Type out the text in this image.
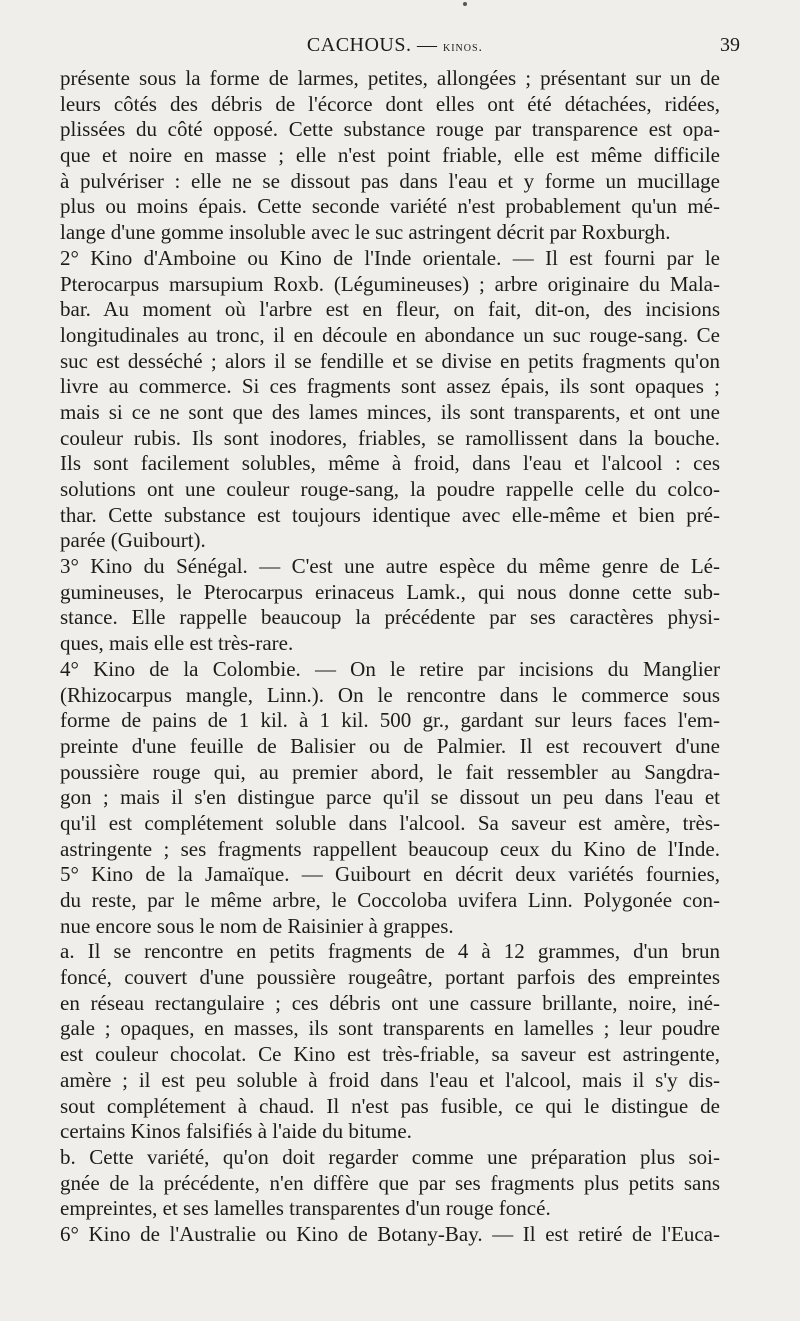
CACHOUS. — kinos.	39
présente sous la forme de larmes, petites, allongées ; présentant sur un de
leurs côtés des débris de l'écorce dont elles ont été détachées, ridées,
plissées du côté opposé. Cette substance rouge par transparence est opa-
que et noire en masse ; elle n'est point friable, elle est même difficile
à pulvériser : elle ne se dissout pas dans l'eau et y forme un mucillage
plus ou moins épais. Cette seconde variété n'est probablement qu'un mé-
lange d'une gomme insoluble avec le suc astringent décrit par Roxburgh.
2° Kino d'Amboine ou Kino de l'Inde orientale. — Il est fourni par le
Pterocarpus marsupium Roxb. (Légumineuses) ; arbre originaire du Mala-
bar. Au moment où l'arbre est en fleur, on fait, dit-on, des incisions
longitudinales au tronc, il en découle en abondance un suc rouge-sang. Ce
suc est desséché ; alors il se fendille et se divise en petits fragments qu'on
livre au commerce. Si ces fragments sont assez épais, ils sont opaques ;
mais si ce ne sont que des lames minces, ils sont transparents, et ont une
couleur rubis. Ils sont inodores, friables, se ramollissent dans la bouche.
Ils sont facilement solubles, même à froid, dans l'eau et l'alcool : ces
solutions ont une couleur rouge-sang, la poudre rappelle celle du colco-
thar. Cette substance est toujours identique avec elle-même et bien pré-
parée (Guibourt).
3° Kino du Sénégal. — C'est une autre espèce du même genre de Lé-
gumineuses, le Pterocarpus erinaceus Lamk., qui nous donne cette sub-
stance. Elle rappelle beaucoup la précédente par ses caractères physi-
ques, mais elle est très-rare.
4° Kino de la Colombie. — On le retire par incisions du Manglier
(Rhizocarpus mangle, Linn.). On le rencontre dans le commerce sous
forme de pains de 1 kil. à 1 kil. 500 gr., gardant sur leurs faces l'em-
preinte d'une feuille de Balisier ou de Palmier. Il est recouvert d'une
poussière rouge qui, au premier abord, le fait ressembler au Sangdra-
gon ; mais il s'en distingue parce qu'il se dissout un peu dans l'eau et
qu'il est complétement soluble dans l'alcool. Sa saveur est amère, très-
astringente ; ses fragments rappellent beaucoup ceux du Kino de l'Inde.
5° Kino de la Jamaïque. — Guibourt en décrit deux variétés fournies,
du reste, par le même arbre, le Coccoloba uvifera Linn. Polygonée con-
nue encore sous le nom de Raisinier à grappes.
a. Il se rencontre en petits fragments de 4 à 12 grammes, d'un brun
foncé, couvert d'une poussière rougeâtre, portant parfois des empreintes
en réseau rectangulaire ; ces débris ont une cassure brillante, noire, iné-
gale ; opaques, en masses, ils sont transparents en lamelles ; leur poudre
est couleur chocolat. Ce Kino est très-friable, sa saveur est astringente,
amère ; il est peu soluble à froid dans l'eau et l'alcool, mais il s'y dis-
sout complétement à chaud. Il n'est pas fusible, ce qui le distingue de
certains Kinos falsifiés à l'aide du bitume.
b. Cette variété, qu'on doit regarder comme une préparation plus soi-
gnée de la précédente, n'en diffère que par ses fragments plus petits sans
empreintes, et ses lamelles transparentes d'un rouge foncé.
6° Kino de l'Australie ou Kino de Botany-Bay. — Il est retiré de l'Euca-
